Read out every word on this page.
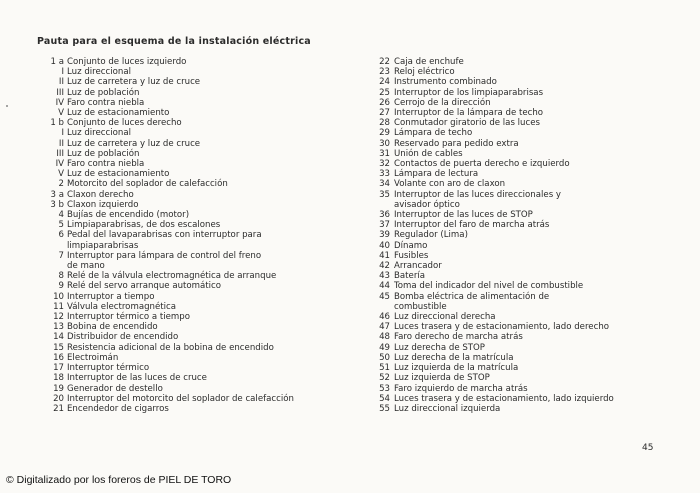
Pauta para el esquema de la instalación eléctrica
1 a Conjunto de luces izquierdo
I Luz direccional
II Luz de carretera y luz de cruce
III Luz de población
IV Faro contra niebla
V Luz de estacionamiento
1 b Conjunto de luces derecho
I Luz direccional
II Luz de carretera y luz de cruce
III Luz de población
IV Faro contra niebla
V Luz de estacionamiento
2 Motorcito del soplador de calefacción
3 a Claxon derecho
3 b Claxon izquierdo
4 Bujías de encendido (motor)
5 Limpiaparabrisas, de dos escalones
6 Pedal del lavaparabrisas con interruptor para
limpiaparabrisas
7 Interruptor para lámpara de control del freno
de mano
8 Relé de la válvula electromagnética de arranque
9 Relé del servo arranque automático
10 Interruptor a tiempo
11 Válvula electromagnética
12 Interruptor térmico a tiempo
13 Bobina de encendido
14 Distribuidor de encendido
15 Resistencia adicional de la bobina de encendido
16 Electroimán
17 Interruptor térmico
18 Interruptor de las luces de cruce
19 Generador de destello
20 Interruptor del motorcito del soplador de calefacción
21 Encendedor de cigarros
22 Caja de enchufe
23 Reloj eléctrico
24 Instrumento combinado
25 Interruptor de los limpiaparabrisas
26 Cerrojo de la dirección
27 Interruptor de la lámpara de techo
28 Conmutador giratorio de las luces
29 Lámpara de techo
30 Reservado para pedido extra
31 Unión de cables
32 Contactos de puerta derecho e izquierdo
33 Lámpara de lectura
34 Volante con aro de claxon
35 Interruptor de las luces direccionales y
avisador óptico
36 Interruptor de las luces de STOP
37 Interruptor del faro de marcha atrás
39 Regulador (Lima)
40 Dínamo
41 Fusibles
42 Arrancador
43 Batería
44 Toma del indicador del nivel de combustible
45 Bomba eléctrica de alimentación de
combustible
46 Luz direccional derecha
47 Luces trasera y de estacionamiento, lado derecho
48 Faro derecho de marcha atrás
49 Luz derecha de STOP
50 Luz derecha de la matrícula
51 Luz izquierda de la matrícula
52 Luz izquierda de STOP
53 Faro izquierdo de marcha atrás
54 Luces trasera y de estacionamiento, lado izquierdo
55 Luz direccional izquierda
45
© Digitalizado por los foreros de PIEL DE TORO
